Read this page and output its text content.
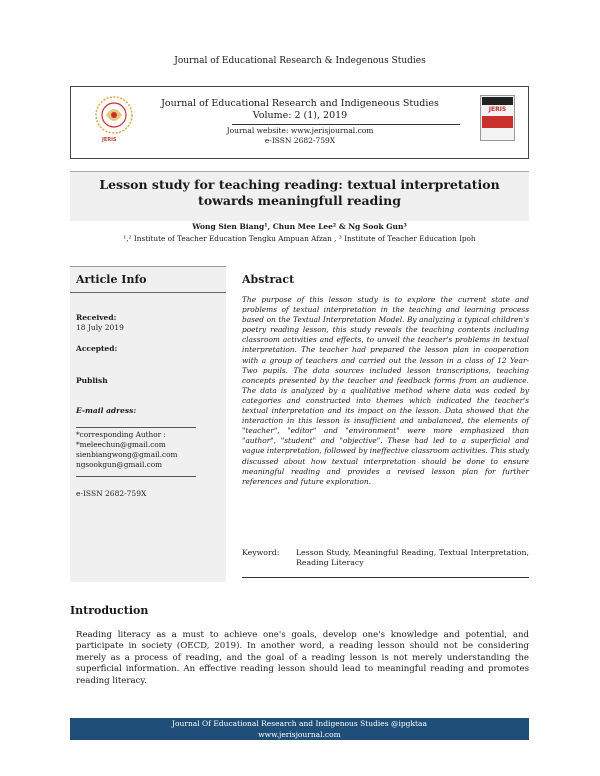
Journal of Educational Research & Indegenous Studies
JERIS
Journal of Educational Research and Indigeneous Studies
Volume: 2 (1), 2019
Journal website: www.jerisjournal.com
e-ISSN 2682-759X
JERIS
Lesson study for teaching reading: textual interpretation
towards meaningfull reading
Wong Sien Biang¹, Chun Mee Lee² & Ng Sook Gun³
¹,² Institute of Teacher Education Tengku Ampuan Afzan , ³ Institute of Teacher Education Ipoh
Article Info
Received:
18 July 2019
Accepted:
Publish
E-mail adress:
*corresponding Author :
*meleechun@gmail.com
sienbiangwong@gmail.com
ngsookgun@gmail.com
e-ISSN 2682-759X
Abstract
The purpose of this lesson study is to explore the current state and problems of textual interpretation in the teaching and learning process based on the Textual Interpretation Model. By analyzing a typical children's poetry reading lesson, this study reveals the teaching contents including classroom activities and effects, to unveil the teacher's problems in textual interpretation. The teacher had prepared the lesson plan in cooperation with a group of teachers and carried out the lesson in a class of 12 Year-Two pupils. The data sources included lesson transcriptions, teaching concepts presented by the teacher and feedback forms from an audience. The data is analyzed by a qualitative method where data was coded by categories and constructed into themes which indicated the teacher's textual interpretation and its impact on the lesson. Data showed that the interaction in this lesson is insufficient and unbalanced, the elements of "teacher", "editor" and "environment" were more emphasized than "author", "student" and "objective". These had led to a superficial and vague interpretation, followed by ineffective classroom activities. This study discussed about how textual interpretation should be done to ensure meaningful reading and provides a revised lesson plan for further references and future exploration.
Keyword: Lesson Study, Meaningful Reading, Textual Interpretation, Reading Literacy
Introduction
Reading literacy as a must to achieve one's goals, develop one's knowledge and potential, and participate in society (OECD, 2019). In another word, a reading lesson should not be considering merely as a process of reading, and the goal of a reading lesson is not merely understanding the superficial information. An effective reading lesson should lead to meaningful reading and promotes reading literacy.
Journal Of Educational Research and Indigenous Studies @ipgktaa
www.jerisjournal.com
